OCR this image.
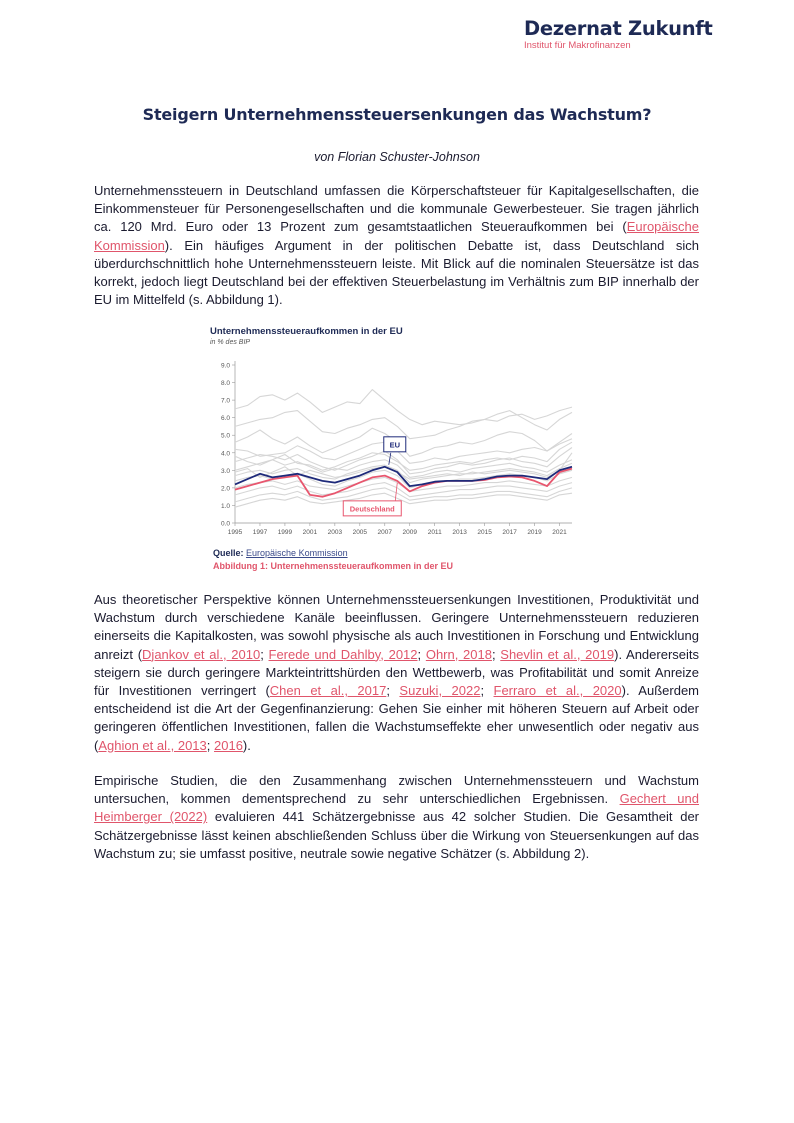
Dezernat Zukunft
Institut für Makrofinanzen
Steigern Unternehmenssteuersenkungen das Wachstum?
von Florian Schuster-Johnson
Unternehmenssteuern in Deutschland umfassen die Körperschaftsteuer für Kapitalgesellschaften, die Einkommensteuer für Personengesellschaften und die kommunale Gewerbesteuer. Sie tragen jährlich ca. 120 Mrd. Euro oder 13 Prozent zum gesamtstaatlichen Steueraufkommen bei (Europäische Kommission). Ein häufiges Argument in der politischen Debatte ist, dass Deutschland sich überdurchschnittlich hohe Unternehmenssteuern leiste. Mit Blick auf die nominalen Steuersätze ist das korrekt, jedoch liegt Deutschland bei der effektiven Steuerbelastung im Verhältnis zum BIP innerhalb der EU im Mittelfeld (s. Abbildung 1).
Unternehmenssteueraufkommen in der EU
in % des BIP
0.0
1.0
2.0
3.0
4.0
5.0
6.0
7.0
8.0
9.0
1995 1997 1999 2001 2003 2005 2007 2009 2011 2013 2015 2017 2019 2021
EU
Deutschland
Quelle: Europäische Kommission
Abbildung 1: Unternehmenssteueraufkommen in der EU
Aus theoretischer Perspektive können Unternehmenssteuersenkungen Investitionen, Produktivität und Wachstum durch verschiedene Kanäle beeinflussen. Geringere Unternehmenssteuern reduzieren einerseits die Kapitalkosten, was sowohl physische als auch Investitionen in Forschung und Entwicklung anreizt (Djankov et al., 2010; Ferede und Dahlby, 2012; Ohrn, 2018; Shevlin et al., 2019). Andererseits steigern sie durch geringere Markteintrittshürden den Wettbewerb, was Profitabilität und somit Anreize für Investitionen verringert (Chen et al., 2017; Suzuki, 2022; Ferraro et al., 2020). Außerdem entscheidend ist die Art der Gegenfinanzierung: Gehen Sie einher mit höheren Steuern auf Arbeit oder geringeren öffentlichen Investitionen, fallen die Wachstumseffekte eher unwesentlich oder negativ aus (Aghion et al., 2013; 2016).
Empirische Studien, die den Zusammenhang zwischen Unternehmenssteuern und Wachstum untersuchen, kommen dementsprechend zu sehr unterschiedlichen Ergebnissen. Gechert und Heimberger (2022) evaluieren 441 Schätzergebnisse aus 42 solcher Studien. Die Gesamtheit der Schätzergebnisse lässt keinen abschließenden Schluss über die Wirkung von Steuersenkungen auf das Wachstum zu; sie umfasst positive, neutrale sowie negative Schätzer (s. Abbildung 2).
